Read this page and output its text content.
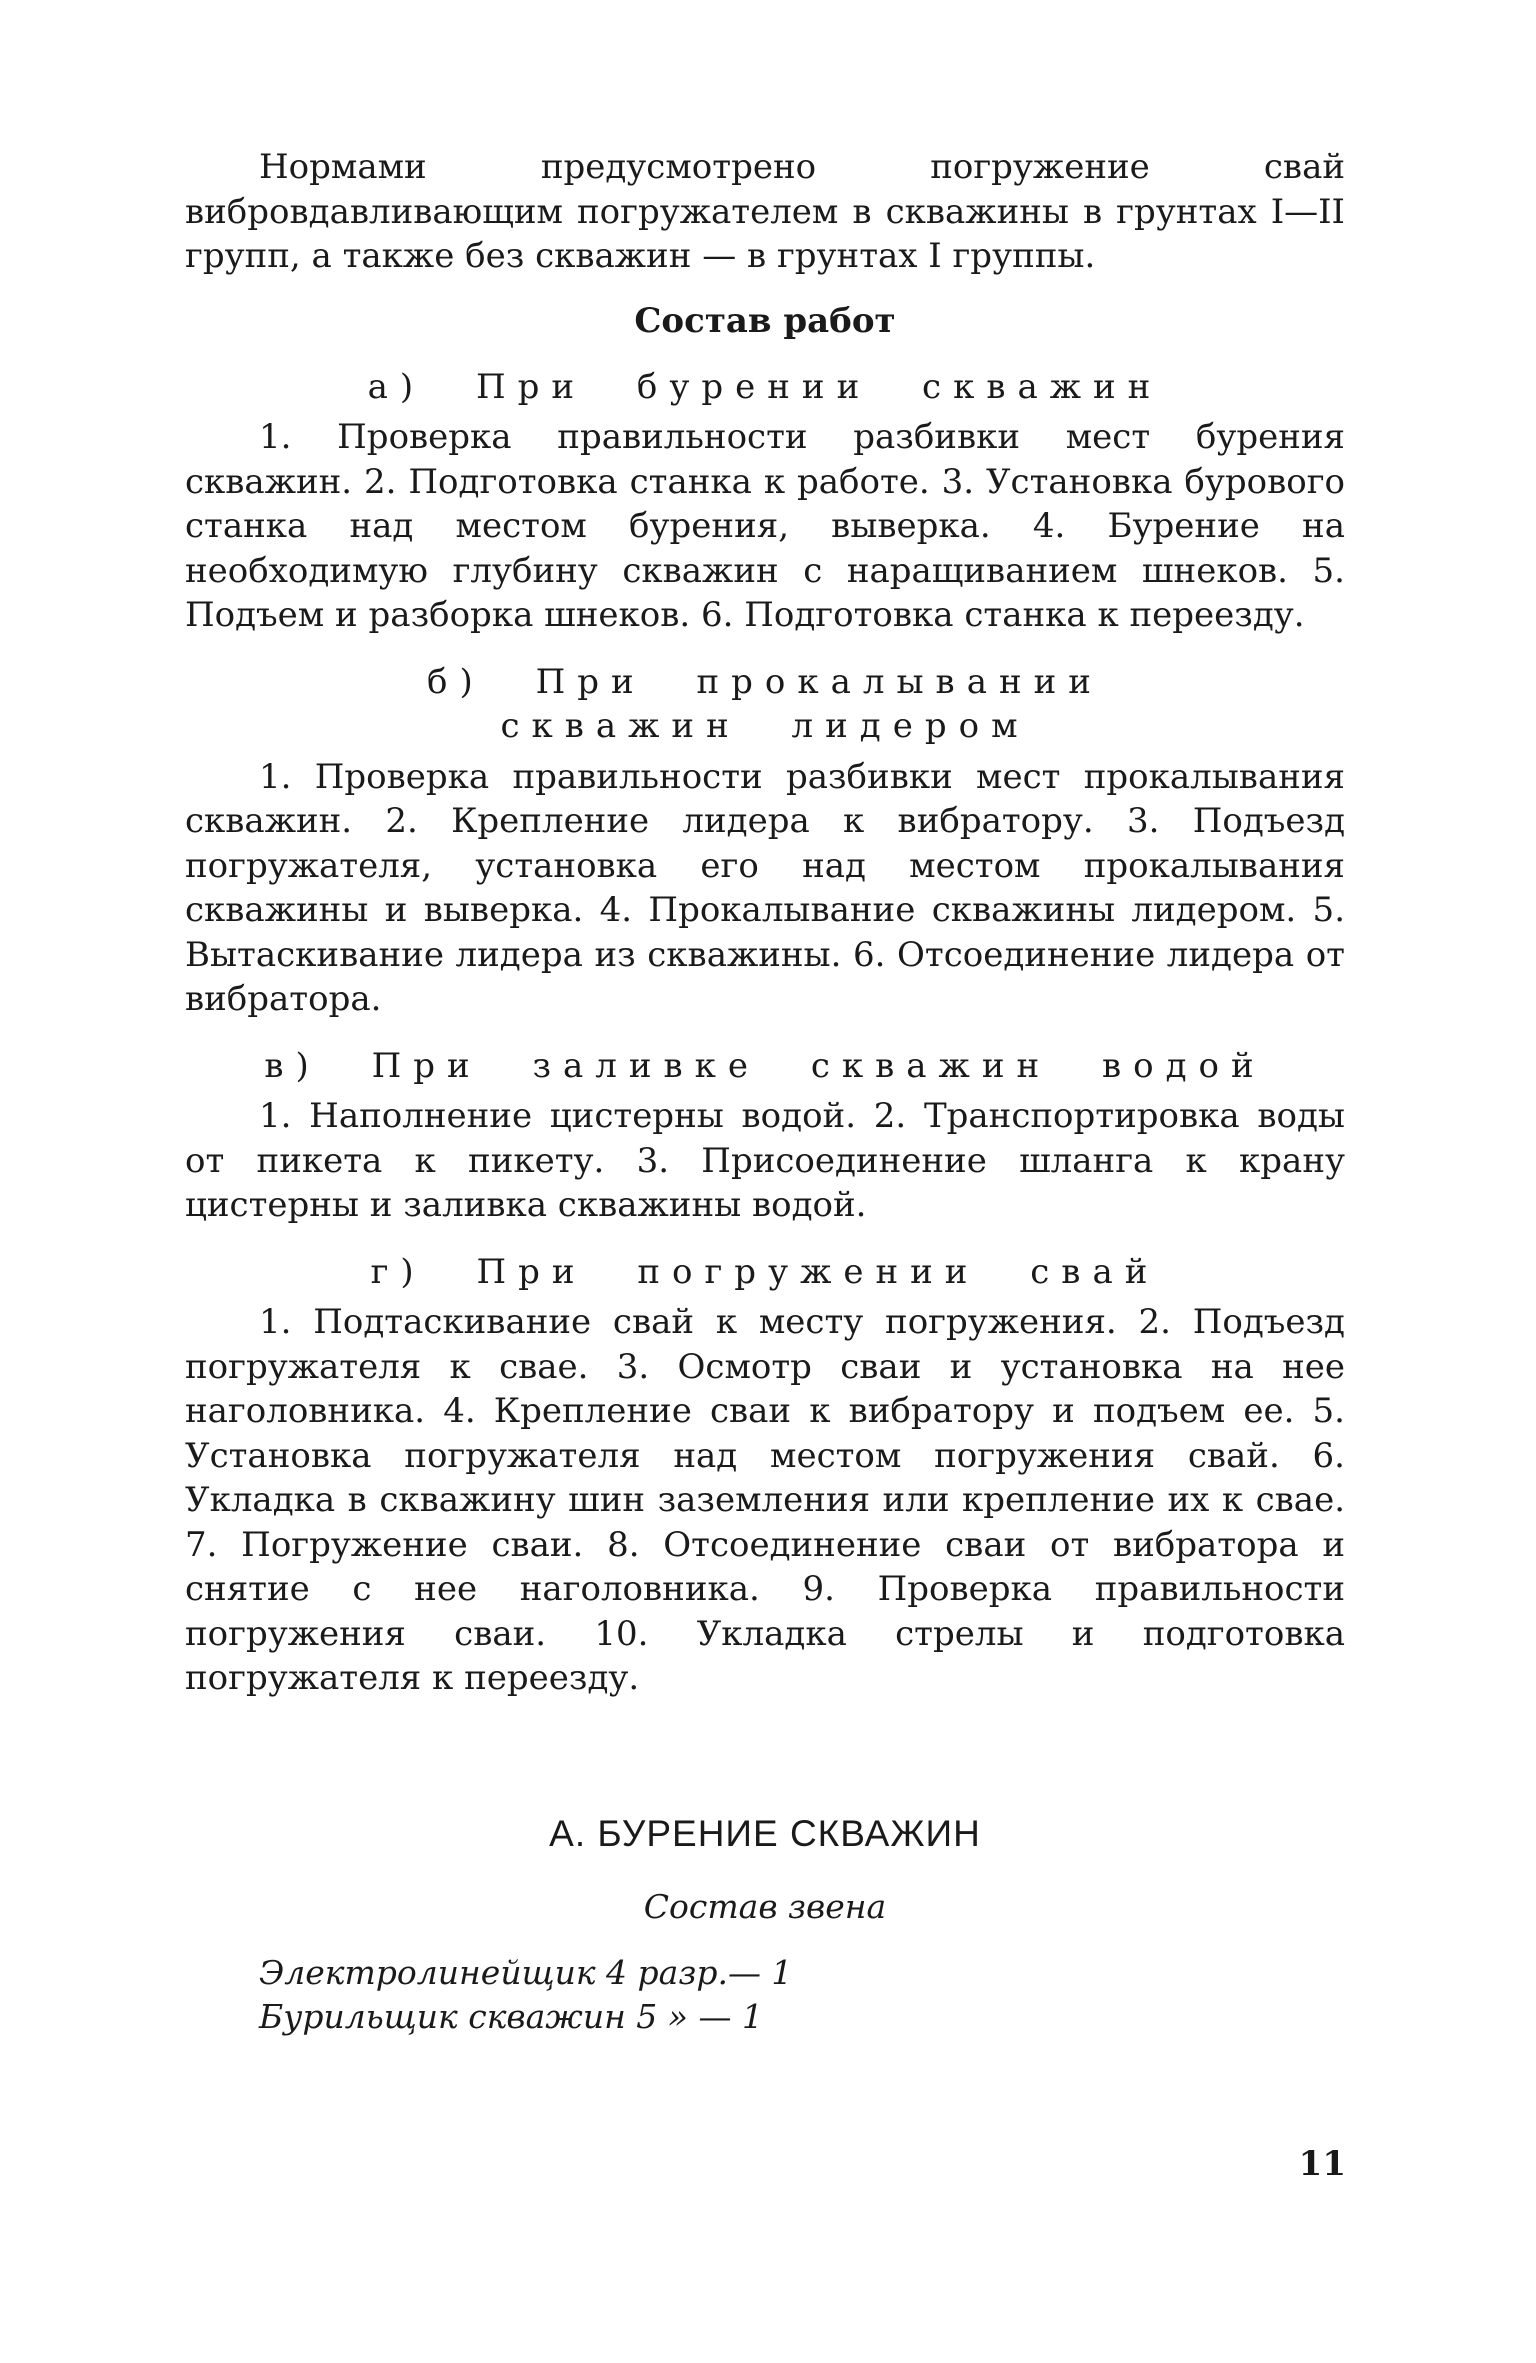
Нормами предусмотрено погружение свай вибровдавливающим погружателем в скважины в грунтах I—II групп, а также без скважин — в грунтах I группы.

Состав работ

а) При бурении скважин

1. Проверка правильности разбивки мест бурения скважин. 2. Подготовка станка к работе. 3. Установка бурового станка над местом бурения, выверка. 4. Бурение на необходимую глубину скважин с наращиванием шнеков. 5. Подъем и разборка шнеков. 6. Подготовка станка к переезду.

б) При прокалывании

скважин лидером

1. Проверка правильности разбивки мест прокалывания скважин. 2. Крепление лидера к вибратору. 3. Подъезд погружателя, установка его над местом прокалывания скважины и выверка. 4. Прокалывание скважины лидером. 5. Вытаскивание лидера из скважины. 6. Отсоединение лидера от вибратора.

в) При заливке скважин водой

1. Наполнение цистерны водой. 2. Транспортировка воды от пикета к пикету. 3. Присоединение шланга к крану цистерны и заливка скважины водой.

г) При погружении свай

1. Подтаскивание свай к месту погружения. 2. Подъезд погружателя к свае. 3. Осмотр сваи и установка на нее наголовника. 4. Крепление сваи к вибратору и подъем ее. 5. Установка погружателя над местом погружения свай. 6. Укладка в скважину шин заземления или крепление их к свае. 7. Погружение сваи. 8. Отсоединение сваи от вибратора и снятие с нее наголовника. 9. Проверка правильности погружения сваи. 10. Укладка стрелы и подготовка погружателя к переезду.

А. БУРЕНИЕ СКВАЖИН

Состав звена

Электролинейщик 4 разр.— 1

Бурильщик скважин 5 » — 1

11
